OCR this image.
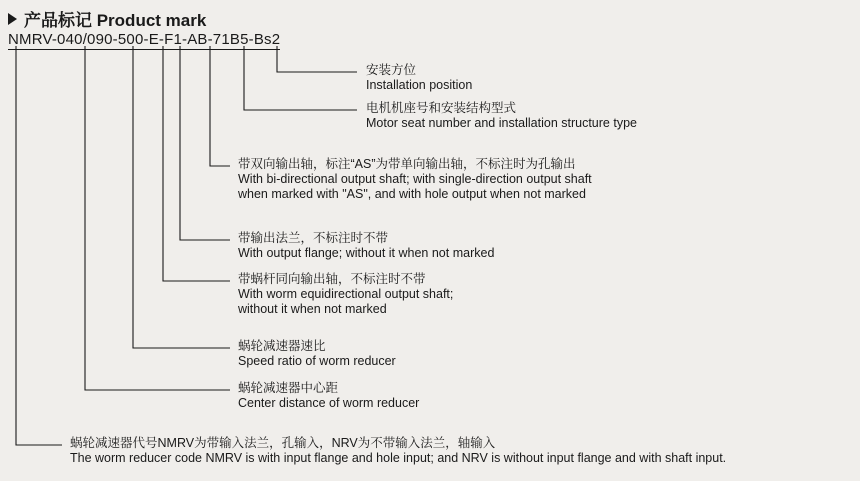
产品标记 Product mark
NMRV-040/090-500-E-F1-AB-71B5-Bs2
安装方位
Installation position
电机机座号和安装结构型式
Motor seat number and installation structure type
带双向输出轴，标注“AS”为带单向输出轴，不标注时为孔输出
With bi-directional output shaft; with single-direction output shaft
when marked with "AS", and with hole output when not marked
带输出法兰，不标注时不带
With output flange; without it when not marked
带蜗杆同向输出轴，不标注时不带
With worm equidirectional output shaft;
without it when not marked
蜗轮减速器速比
Speed ratio of worm reducer
蜗轮减速器中心距
Center distance of worm reducer
蜗轮减速器代号NMRV为带输入法兰，孔输入，NRV为不带输入法兰，轴输入
The worm reducer code NMRV is with input flange and hole input; and NRV is without input flange and with shaft input.
